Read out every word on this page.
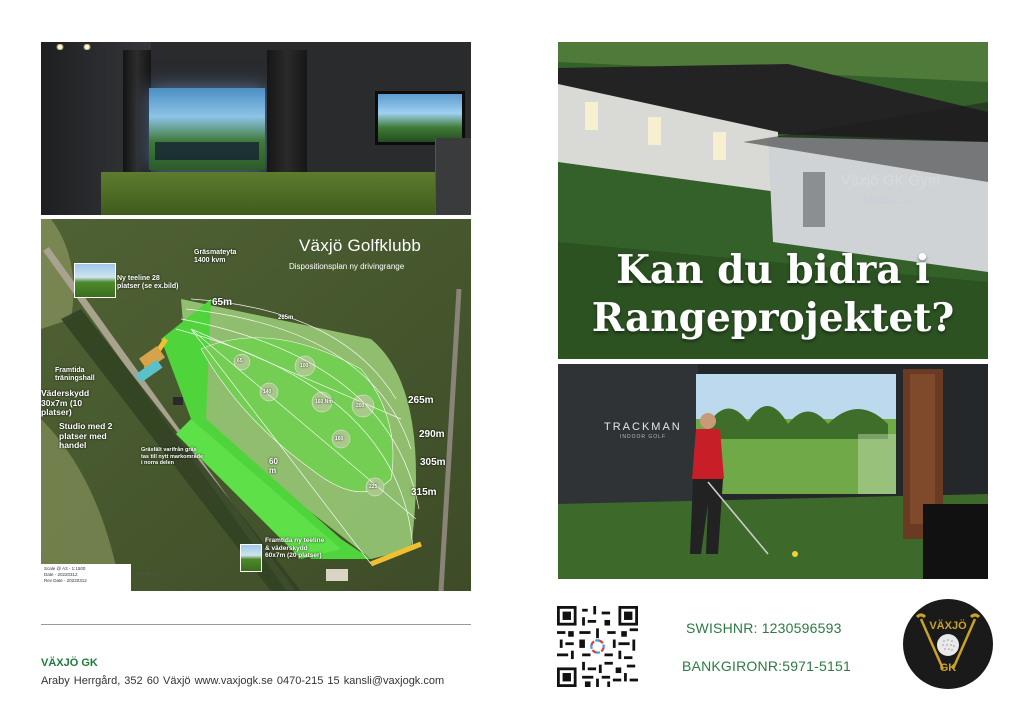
Växjö Golfklubb
Dispositionsplan ny drivingrange
Gräsmateyta
1400 kvm
Ny teeline 28
platser (se ex.bild)
65m
265m
Framtida
träningshall
Väderskydd
30x7m (10
platser)
Studio med 2
platser med
handel	Gräsfält varifrån gräs
tas till nytt markområde
i norra delen	60
m
265m
290m
305m
315m
Framtida ny teeline
& väderskydd
60x7m (20 platser)
65
140
100
160 Nm
200
160
225
Scale @ A3 - 1:1500
Date - 20220312
Rev Date - 20220312
FINDER GOLF
Växjö GK Gym
Studio 1 & 2
Kan du bidra i
Rangeprojektet?
TRACKMAN
INDOOR GOLF
VÄXJÖ GK
Araby Herrgård, 352 60 Växjö www.vaxjogk.se 0470-215 15 kansli@vaxjogk.com
SWISHNR: 1230596593
BANKGIRONR:5971-5151
VÄXJÖ
GK
